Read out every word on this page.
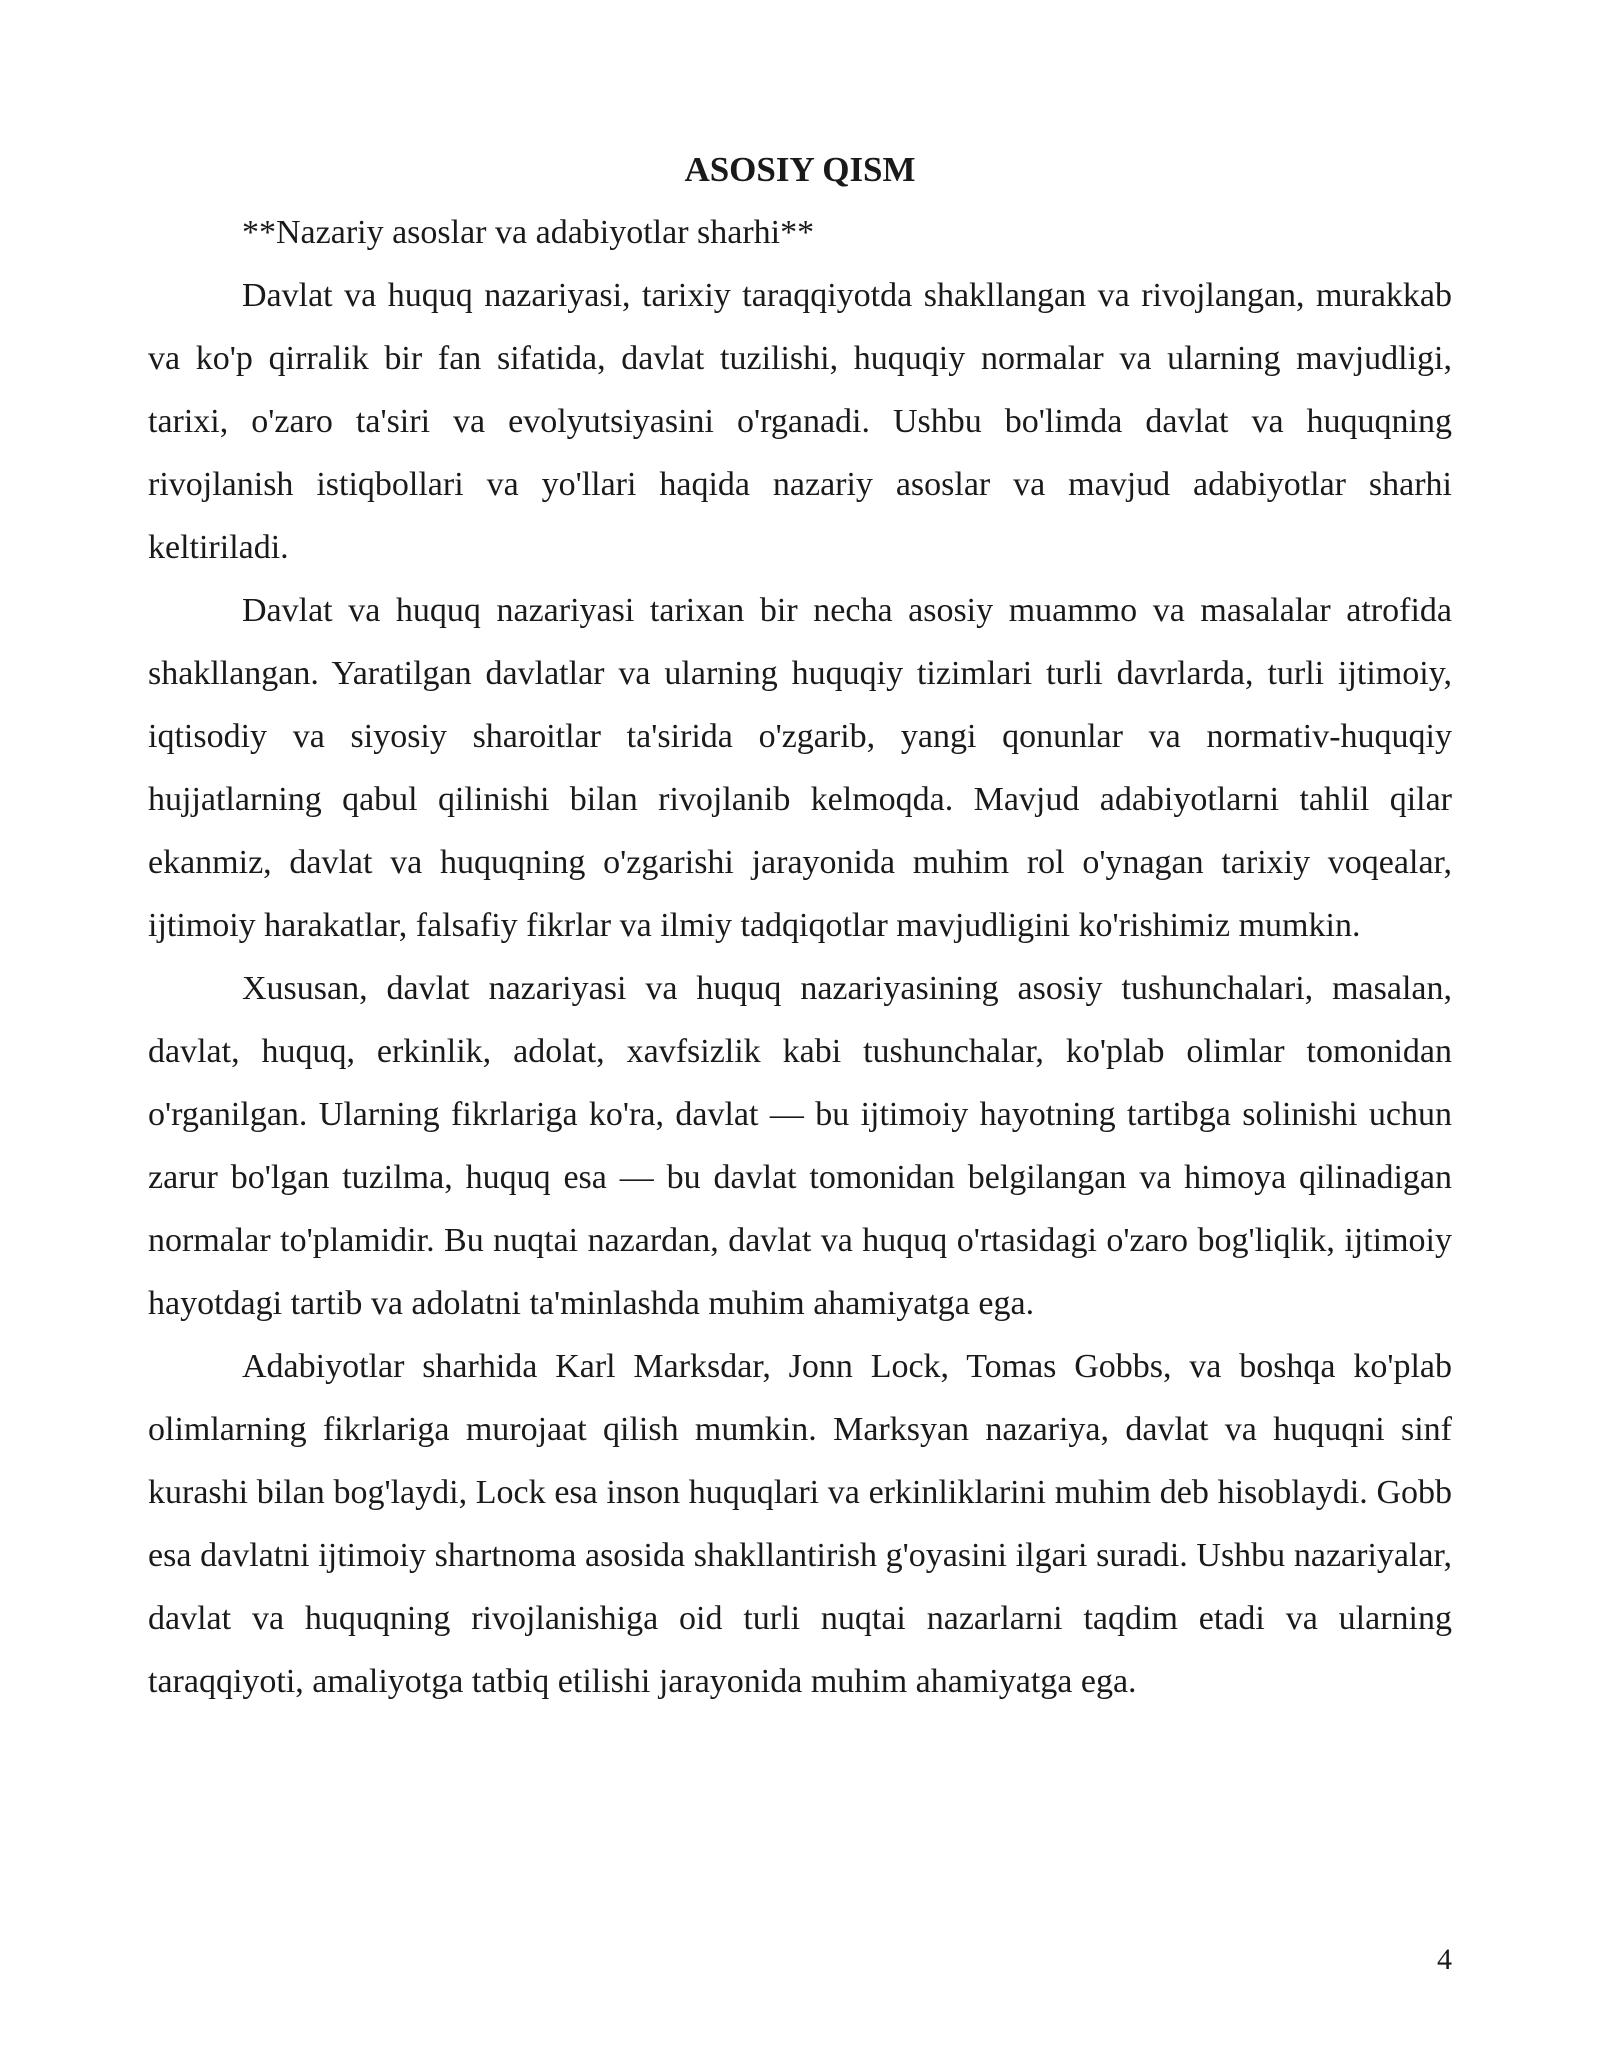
ASOSIY QISM

**Nazariy asoslar va adabiyotlar sharhi**

Davlat va huquq nazariyasi, tarixiy taraqqiyotda shakllangan va rivojlangan, murakkab va ko'p qirralik bir fan sifatida, davlat tuzilishi, huquqiy normalar va ularning mavjudligi, tarixi, o'zaro ta'siri va evolyutsiyasini o'rganadi. Ushbu bo'limda davlat va huquqning rivojlanish istiqbollari va yo'llari haqida nazariy asoslar va mavjud adabiyotlar sharhi keltiriladi.

Davlat va huquq nazariyasi tarixan bir necha asosiy muammo va masalalar atrofida shakllangan. Yaratilgan davlatlar va ularning huquqiy tizimlari turli davrlarda, turli ijtimoiy, iqtisodiy va siyosiy sharoitlar ta'sirida o'zgarib, yangi qonunlar va normativ-huquqiy hujjatlarning qabul qilinishi bilan rivojlanib kelmoqda. Mavjud adabiyotlarni tahlil qilar ekanmiz, davlat va huquqning o'zgarishi jarayonida muhim rol o'ynagan tarixiy voqealar, ijtimoiy harakatlar, falsafiy fikrlar va ilmiy tadqiqotlar mavjudligini ko'rishimiz mumkin.

Xususan, davlat nazariyasi va huquq nazariyasining asosiy tushunchalari, masalan, davlat, huquq, erkinlik, adolat, xavfsizlik kabi tushunchalar, ko'plab olimlar tomonidan o'rganilgan. Ularning fikrlariga ko'ra, davlat — bu ijtimoiy hayotning tartibga solinishi uchun zarur bo'lgan tuzilma, huquq esa — bu davlat tomonidan belgilangan va himoya qilinadigan normalar to'plamidir. Bu nuqtai nazardan, davlat va huquq o'rtasidagi o'zaro bog'liqlik, ijtimoiy hayotdagi tartib va adolatni ta'minlashda muhim ahamiyatga ega.

Adabiyotlar sharhida Karl Marksdar, Jonn Lock, Tomas Gobbs, va boshqa ko'plab olimlarning fikrlariga murojaat qilish mumkin. Marksyan nazariya, davlat va huquqni sinf kurashi bilan bog'laydi, Lock esa inson huquqlari va erkinliklarini muhim deb hisoblaydi. Gobb esa davlatni ijtimoiy shartnoma asosida shakllantirish g'oyasini ilgari suradi. Ushbu nazariyalar, davlat va huquqning rivojlanishiga oid turli nuqtai nazarlarni taqdim etadi va ularning taraqqiyoti, amaliyotga tatbiq etilishi jarayonida muhim ahamiyatga ega.

4
